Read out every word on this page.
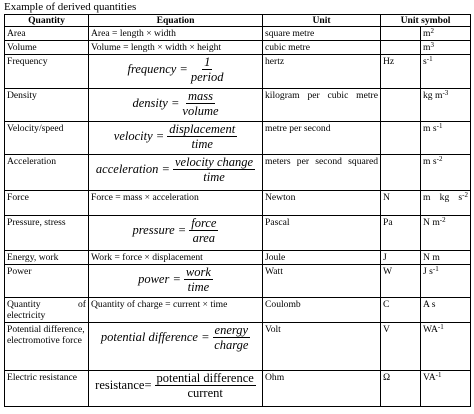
Example of derived quantities
Quantity	Equation	Unit	Unit symbol	
Area	Area = length × width	square metre		$m^2$
Volume	Volume = length × width × height	cubic metre		$m^3$
Frequency	frequency = $\frac{1}{\text{period}}$	hertz	Hz	$s^{-1}$
Density	density = $\frac{\text{mass}}{\text{volume}}$	kilogram per cubic metre		kg $m^{-3}$
Velocity/speed	velocity = $\frac{\text{displacement}}{\text{time}}$	metre per second		m $s^{-1}$
Acceleration	acceleration = $\frac{\text{velocity change}}{\text{time}}$	meters per second squared		m $s^{-2}$
Force	Force = mass × acceleration	Newton	N	m kg $s^{-2}$
Pressure, stress	pressure = $\frac{\text{force}}{\text{area}}$	Pascal	Pa	N $m^{-2}$
Energy, work	Work = force × displacement	Joule	J	N m
Power	power = $\frac{\text{work}}{\text{time}}$	Watt	W	J $s^{-1}$
Quantity of electricity	Quantity of charge = current × time	Coulomb	C	A s
Potential difference, electromotive force	potential difference = $\frac{\text{energy}}{\text{charge}}$	Volt	V	$WA^{-1}$
Electric resistance	resistance= $\frac{\text{potential difference}}{\text{current}}$	Ohm	Ω	$VA^{-1}$
